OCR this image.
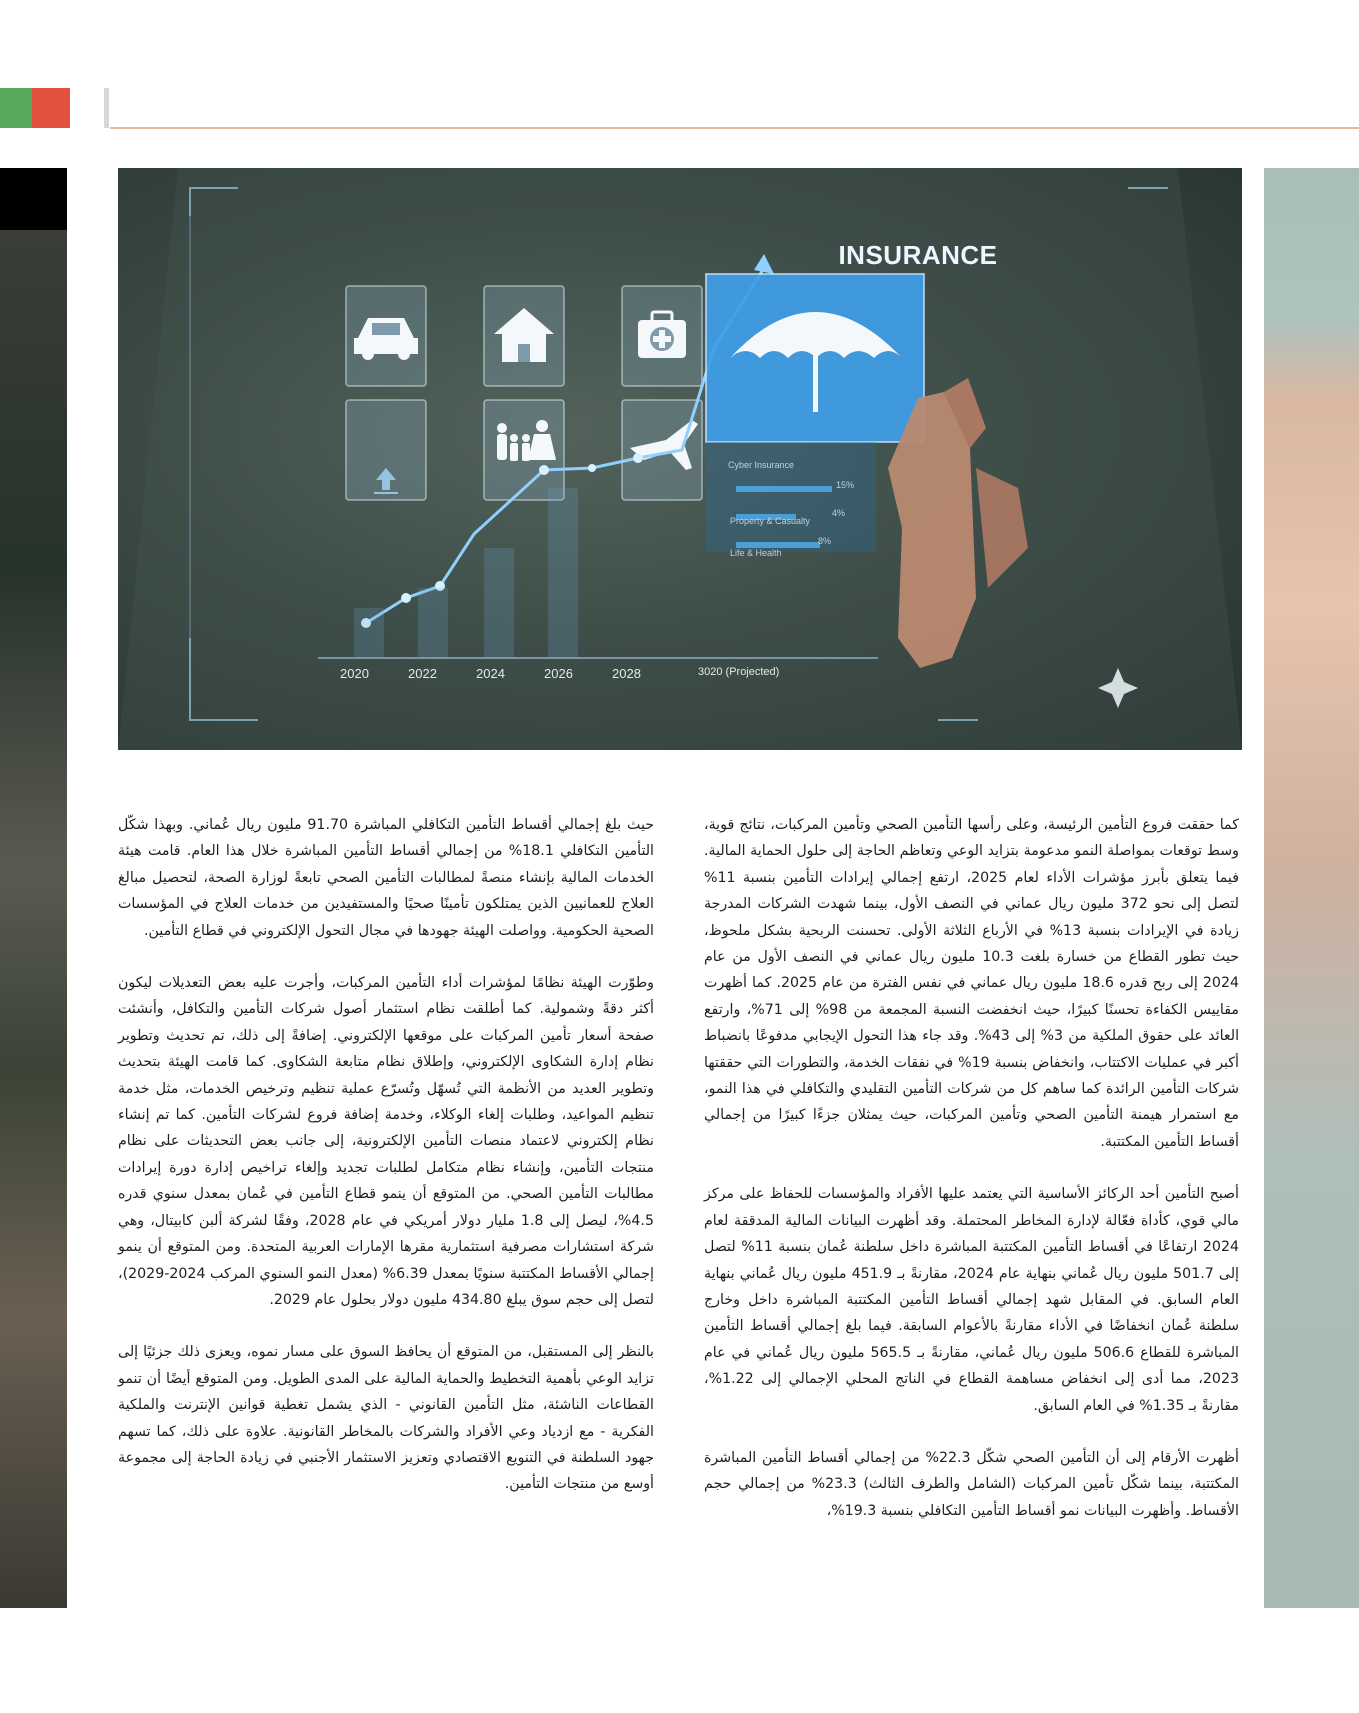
INSURANCE
Cyber Insurance
Property & Casualty
Life & Health
15%
4%
8%
2020	2022	2024	2026	2028	3020 (Projected)

كما حققت فروع التأمين الرئيسة، وعلى رأسها التأمين الصحي وتأمين المركبات، نتائج قوية، وسط توقعات بمواصلة النمو مدعومة بتزايد الوعي وتعاظم الحاجة إلى حلول الحماية المالية. فيما يتعلق بأبرز مؤشرات الأداء لعام 2025، ارتفع إجمالي إيرادات التأمين بنسبة 11% لتصل إلى نحو 372 مليون ريال عماني في النصف الأول، بينما شهدت الشركات المدرجة زيادة في الإيرادات بنسبة 13% في الأرباع الثلاثة الأولى. تحسنت الربحية بشكل ملحوظ، حيث تطور القطاع من خسارة بلغت 10.3 مليون ريال عماني في النصف الأول من عام 2024 إلى ربح قدره 18.6 مليون ريال عماني في نفس الفترة من عام 2025. كما أظهرت مقاييس الكفاءة تحسنًا كبيرًا، حيث انخفضت النسبة المجمعة من 98% إلى 71%، وارتفع العائد على حقوق الملكية من 3% إلى 43%. وقد جاء هذا التحول الإيجابي مدفوعًا بانضباط أكبر في عمليات الاكتتاب، وانخفاض بنسبة 19% في نفقات الخدمة، والتطورات التي حققتها شركات التأمين الرائدة كما ساهم كل من شركات التأمين التقليدي والتكافلي في هذا النمو، مع استمرار هيمنة التأمين الصحي وتأمين المركبات، حيث يمثلان جزءًا كبيرًا من إجمالي أقساط التأمين المكتتبة.

أصبح التأمين أحد الركائز الأساسية التي يعتمد عليها الأفراد والمؤسسات للحفاظ على مركز مالي قوي، كأداة فعّالة لإدارة المخاطر المحتملة. وقد أظهرت البيانات المالية المدققة لعام 2024 ارتفاعًا في أقساط التأمين المكتتبة المباشرة داخل سلطنة عُمان بنسبة 11% لتصل إلى 501.7 مليون ريال عُماني بنهاية عام 2024، مقارنةً بـ 451.9 مليون ريال عُماني بنهاية العام السابق. في المقابل شهد إجمالي أقساط التأمين المكتتبة المباشرة داخل وخارج سلطنة عُمان انخفاضًا في الأداء مقارنةً بالأعوام السابقة. فيما بلغ إجمالي أقساط التأمين المباشرة للقطاع 506.6 مليون ريال عُماني، مقارنةً بـ 565.5 مليون ريال عُماني في عام 2023، مما أدى إلى انخفاض مساهمة القطاع في الناتج المحلي الإجمالي إلى 1.22%، مقارنةً بـ 1.35% في العام السابق.

أظهرت الأرقام إلى أن التأمين الصحي شكّل 22.3% من إجمالي أقساط التأمين المباشرة المكتتبة، بينما شكّل تأمين المركبات (الشامل والطرف الثالث) 23.3% من إجمالي حجم الأقساط. وأظهرت البيانات نمو أقساط التأمين التكافلي بنسبة 19.3%،

حيث بلغ إجمالي أقساط التأمين التكافلي المباشرة 91.70 مليون ريال عُماني. وبهذا شكّل التأمين التكافلي 18.1% من إجمالي أقساط التأمين المباشرة خلال هذا العام. قامت هيئة الخدمات المالية بإنشاء منصةً لمطالبات التأمين الصحي تابعةً لوزارة الصحة، لتحصيل مبالغ العلاج للعمانيين الذين يمتلكون تأمينًا صحيًا والمستفيدين من خدمات العلاج في المؤسسات الصحية الحكومية. وواصلت الهيئة جهودها في مجال التحول الإلكتروني في قطاع التأمين.

وطوّرت الهيئة نظامًا لمؤشرات أداء التأمين المركبات، وأجرت عليه بعض التعديلات ليكون أكثر دقةً وشمولية. كما أطلقت نظام استثمار أصول شركات التأمين والتكافل، وأنشئت صفحة أسعار تأمين المركبات على موقعها الإلكتروني. إضافةً إلى ذلك، تم تحديث وتطوير نظام إدارة الشكاوى الإلكتروني، وإطلاق نظام متابعة الشكاوى. كما قامت الهيئة بتحديث وتطوير العديد من الأنظمة التي تُسهّل وتُسرّع عملية تنظيم وترخيص الخدمات، مثل خدمة تنظيم المواعيد، وطلبات إلغاء الوكلاء، وخدمة إضافة فروع لشركات التأمين. كما تم إنشاء نظام إلكتروني لاعتماد منصات التأمين الإلكترونية، إلى جانب بعض التحديثات على نظام منتجات التأمين، وإنشاء نظام متكامل لطلبات تجديد وإلغاء تراخيص إدارة دورة إيرادات مطالبات التأمين الصحي. من المتوقع أن ينمو قطاع التأمين في عُمان بمعدل سنوي قدره 4.5%، ليصل إلى 1.8 مليار دولار أمريكي في عام 2028، وفقًا لشركة ألبن كابيتال، وهي شركة استشارات مصرفية استثمارية مقرها الإمارات العربية المتحدة. ومن المتوقع أن ينمو إجمالي الأقساط المكتتبة سنويًا بمعدل 6.39% (معدل النمو السنوي المركب 2024-2029)، لتصل إلى حجم سوق يبلغ 434.80 مليون دولار بحلول عام 2029.

بالنظر إلى المستقبل، من المتوقع أن يحافظ السوق على مسار نموه، ويعزى ذلك جزئيًا إلى تزايد الوعي بأهمية التخطيط والحماية المالية على المدى الطويل. ومن المتوقع أيضًا أن تنمو القطاعات الناشئة، مثل التأمين القانوني - الذي يشمل تغطية قوانين الإنترنت والملكية الفكرية - مع ازدياد وعي الأفراد والشركات بالمخاطر القانونية. علاوة على ذلك، كما تسهم جهود السلطنة في التنويع الاقتصادي وتعزيز الاستثمار الأجنبي في زيادة الحاجة إلى مجموعة أوسع من منتجات التأمين.
